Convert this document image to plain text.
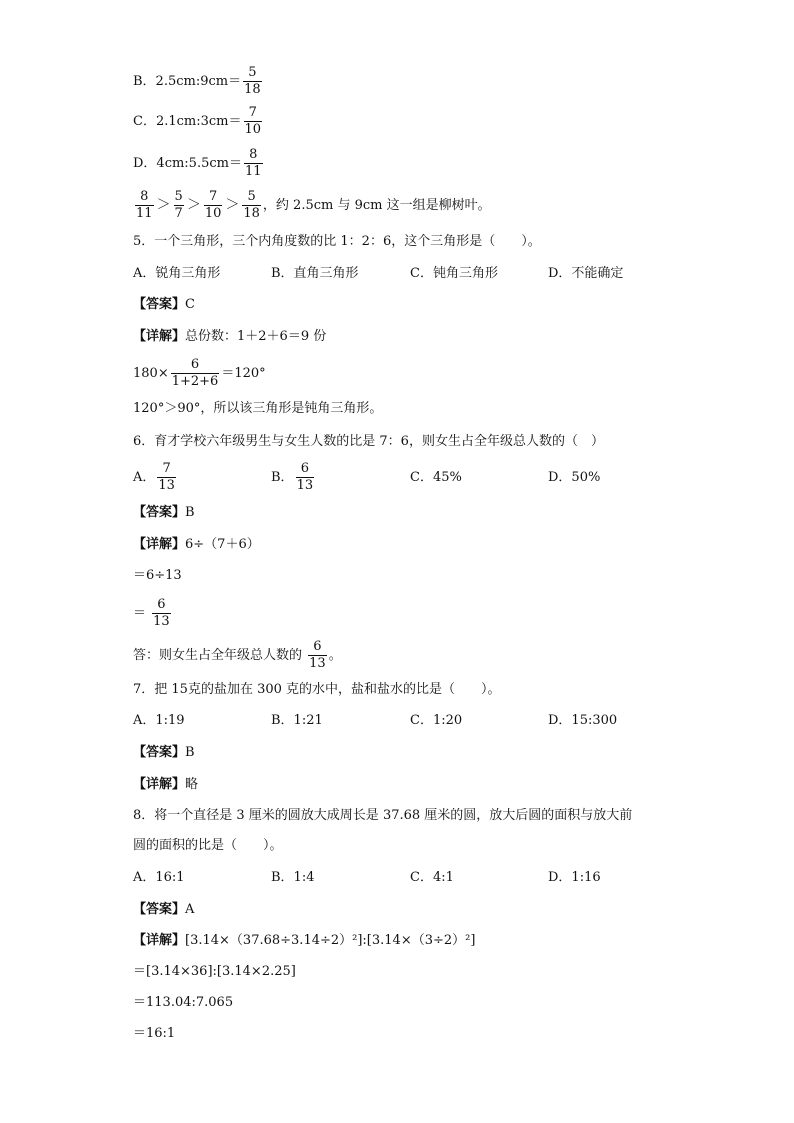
B．2.5cm:9cm＝ $\frac{5}{18}$
C．2.1cm:3cm＝ $\frac{7}{10}$
D．4cm:5.5cm＝ $\frac{8}{11}$
$\frac{8}{11} > \frac{5}{7} > \frac{7}{10} > \frac{5}{18}$ ，约 2.5cm 与 9cm 这一组是柳树叶。
5．一个三角形，三个内角度数的比 1：2：6，这个三角形是（　　）。
A．锐角三角形	B．直角三角形	C．钝角三角形	D．不能确定
【答案】C
【详解】总份数：1＋2＋6＝9 份
$180\times \frac{6}{1+2+6} =120^\circ$
120°＞90°，所以该三角形是钝角三角形。
6．育才学校六年级男生与女生人数的比是 7：6，则女生占全年级总人数的（　）
A． $\frac{7}{13}$	B． $\frac{6}{13}$	C．45%	D．50%
【答案】B
【详解】6÷（7＋6）
＝6÷13
＝ $\frac{6}{13}$
答：则女生占全年级总人数的 $\frac{6}{13}$ 。
7．把 15克的盐加在 300 克的水中，盐和盐水的比是（　　）。
A．1:19	B．1:21	C．1:20	D．15:300
【答案】B
【详解】略
8．将一个直径是 3 厘米的圆放大成周长是 37.68 厘米的圆，放大后圆的面积与放大前
圆的面积的比是（　　）。
A．16:1	B．1:4	C．4:1	D．1:16
【答案】A
【详解】[3.14×（37.68÷3.14÷2）²]:[3.14×（3÷2）²]
＝[3.14×36]:[3.14×2.25]
＝113.04:7.065
＝16:1
